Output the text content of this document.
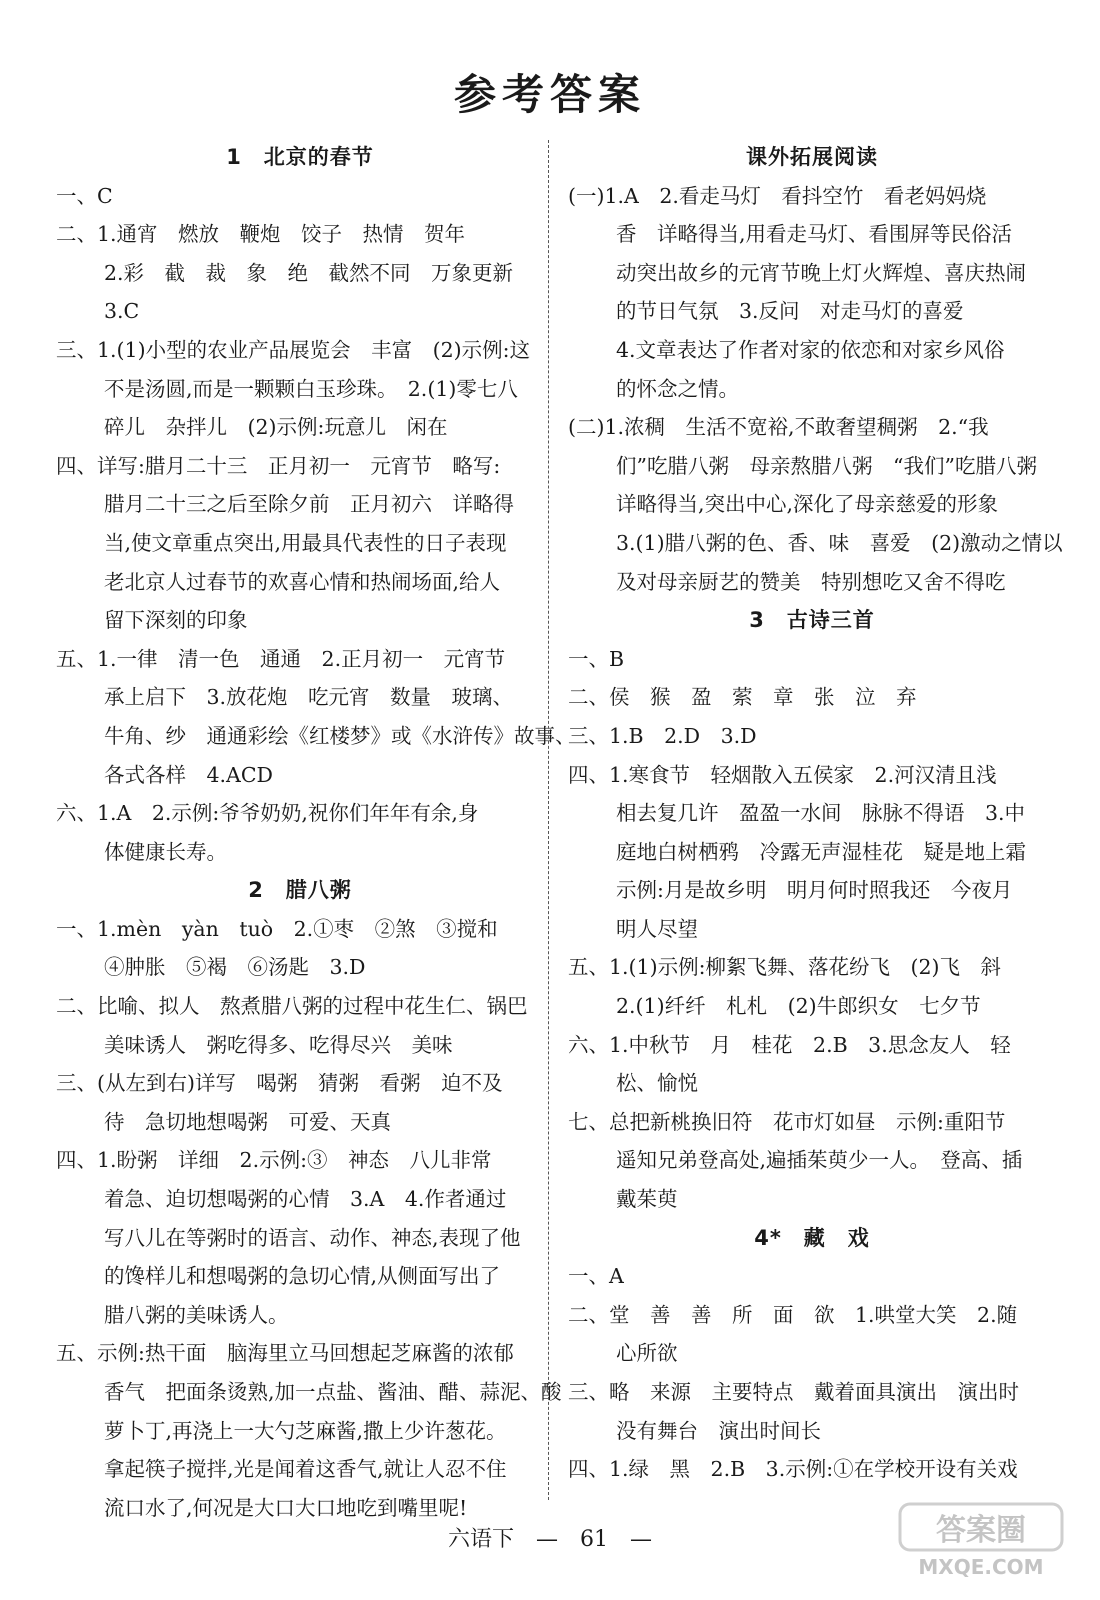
参考答案
1　北京的春节
一、C
二、1.通宵　燃放　鞭炮　饺子　热情　贺年
2.彩　截　裁　象　绝　截然不同　万象更新
3.C
三、1.(1)小型的农业产品展览会　丰富　(2)示例:这
不是汤圆,而是一颗颗白玉珍珠。　2.(1)零七八
碎儿　杂拌儿　(2)示例:玩意儿　闲在
四、详写:腊月二十三　正月初一　元宵节　略写:
腊月二十三之后至除夕前　正月初六　详略得
当,使文章重点突出,用最具代表性的日子表现
老北京人过春节的欢喜心情和热闹场面,给人
留下深刻的印象
五、1.一律　清一色　通通　2.正月初一　元宵节
承上启下　3.放花炮　吃元宵　数量　玻璃、
牛角、纱　通通彩绘《红楼梦》或《水浒传》故事、
各式各样　4.ACD
六、1.A　2.示例:爷爷奶奶,祝你们年年有余,身
体健康长寿。
2　腊八粥
一、1.mèn　yàn　tuò　2.①枣　②煞　③搅和
④肿胀　⑤褐　⑥汤匙　3.D
二、比喻、拟人　熬煮腊八粥的过程中花生仁、锅巴
美味诱人　粥吃得多、吃得尽兴　美味
三、(从左到右)详写　喝粥　猜粥　看粥　迫不及
待　急切地想喝粥　可爱、天真
四、1.盼粥　详细　2.示例:③　神态　八儿非常
着急、迫切想喝粥的心情　3.A　4.作者通过
写八儿在等粥时的语言、动作、神态,表现了他
的馋样儿和想喝粥的急切心情,从侧面写出了
腊八粥的美味诱人。
五、示例:热干面　脑海里立马回想起芝麻酱的浓郁
香气　把面条烫熟,加一点盐、酱油、醋、蒜泥、酸
萝卜丁,再浇上一大勺芝麻酱,撒上少许葱花。
拿起筷子搅拌,光是闻着这香气,就让人忍不住
流口水了,何况是大口大口地吃到嘴里呢!
课外拓展阅读
(一)1.A　2.看走马灯　看抖空竹　看老妈妈烧
香　详略得当,用看走马灯、看围屏等民俗活
动突出故乡的元宵节晚上灯火辉煌、喜庆热闹
的节日气氛　3.反问　对走马灯的喜爱
4.文章表达了作者对家的依恋和对家乡风俗
的怀念之情。
(二)1.浓稠　生活不宽裕,不敢奢望稠粥　2.“我
们”吃腊八粥　母亲熬腊八粥　“我们”吃腊八粥
详略得当,突出中心,深化了母亲慈爱的形象
3.(1)腊八粥的色、香、味　喜爱　(2)激动之情以
及对母亲厨艺的赞美　特别想吃又舍不得吃
3　古诗三首
一、B
二、侯　猴　盈　萦　章　张　泣　弃
三、1.B　2.D　3.D
四、1.寒食节　轻烟散入五侯家　2.河汉清且浅
相去复几许　盈盈一水间　脉脉不得语　3.中
庭地白树栖鸦　冷露无声湿桂花　疑是地上霜
示例:月是故乡明　明月何时照我还　今夜月
明人尽望
五、1.(1)示例:柳絮飞舞、落花纷飞　(2)飞　斜
2.(1)纤纤　札札　(2)牛郎织女　七夕节
六、1.中秋节　月　桂花　2.B　3.思念友人　轻
松、愉悦
七、总把新桃换旧符　花市灯如昼　示例:重阳节
遥知兄弟登高处,遍插茱萸少一人。　登高、插
戴茱萸
4*　藏　戏
一、A
二、堂　善　善　所　面　欲　1.哄堂大笑　2.随
心所欲
三、略　来源　主要特点　戴着面具演出　演出时
没有舞台　演出时间长
四、1.绿　黑　2.B　3.示例:①在学校开设有关戏
六语下　—　61　—	答案圈
MXQE.COM
